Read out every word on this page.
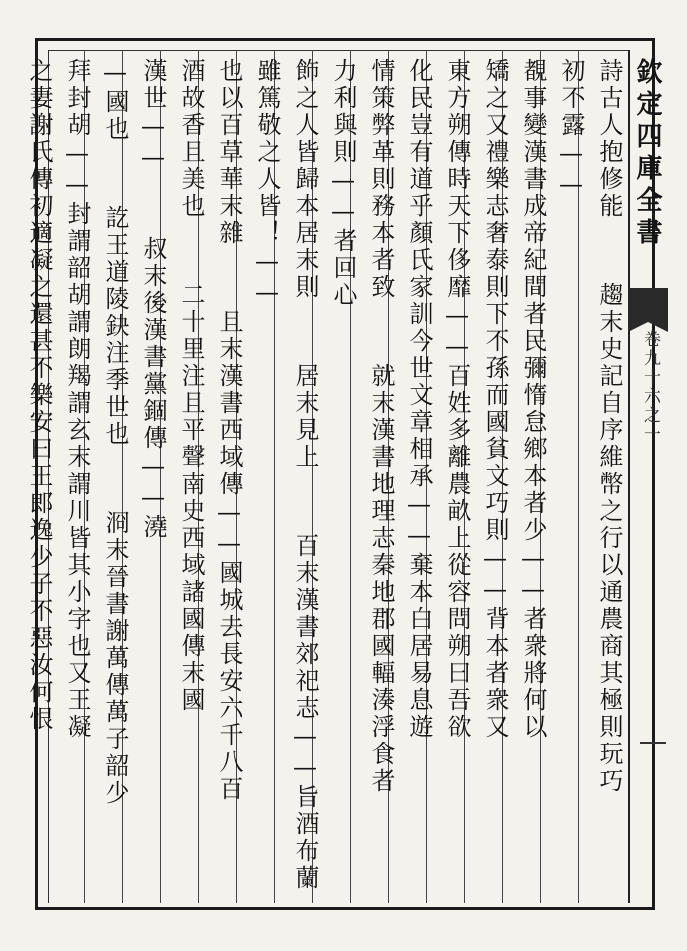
欽定四庫全書
卷九十六之一
詩古人抱修能  趨末史記自序維幣之行以通農商其極則玩巧
初不露——
覩事變漢書成帝紀間者民彌惰怠鄉本者少——者衆將何以
矯之又禮樂志奢泰則下不孫而國貧文巧則——背本者衆又
東方朔傳時天下侈靡——百姓多離農畝上從容問朔曰吾欲
化民豈有道乎顏氏家訓今世文章相承——棄本白居易息遊
情策弊革則務本者致  就末漢書地理志秦地郡國輻湊浮食者
力利與則——者回心
飾之人皆歸本居末則  居末見上  百末漢書郊祀志——旨酒布蘭
雖篤敬之人皆！——
也以百草華末雜  且末漢書西域傳——國城去長安六千八百
酒故香且美也  二十里注且平聲南史西域諸國傳末國
漢世——  叔末後漢書黨錮傳——澆
—國也  訖王道陵鈌注季世也  浻末晉書謝萬傳萬子韶少
拜封胡——封謂韶胡謂朗羯謂玄末謂川皆其小字也又王凝
之妻謝氏傳初適凝之還甚不樂安曰王郎逸少子不惡汝何恨
